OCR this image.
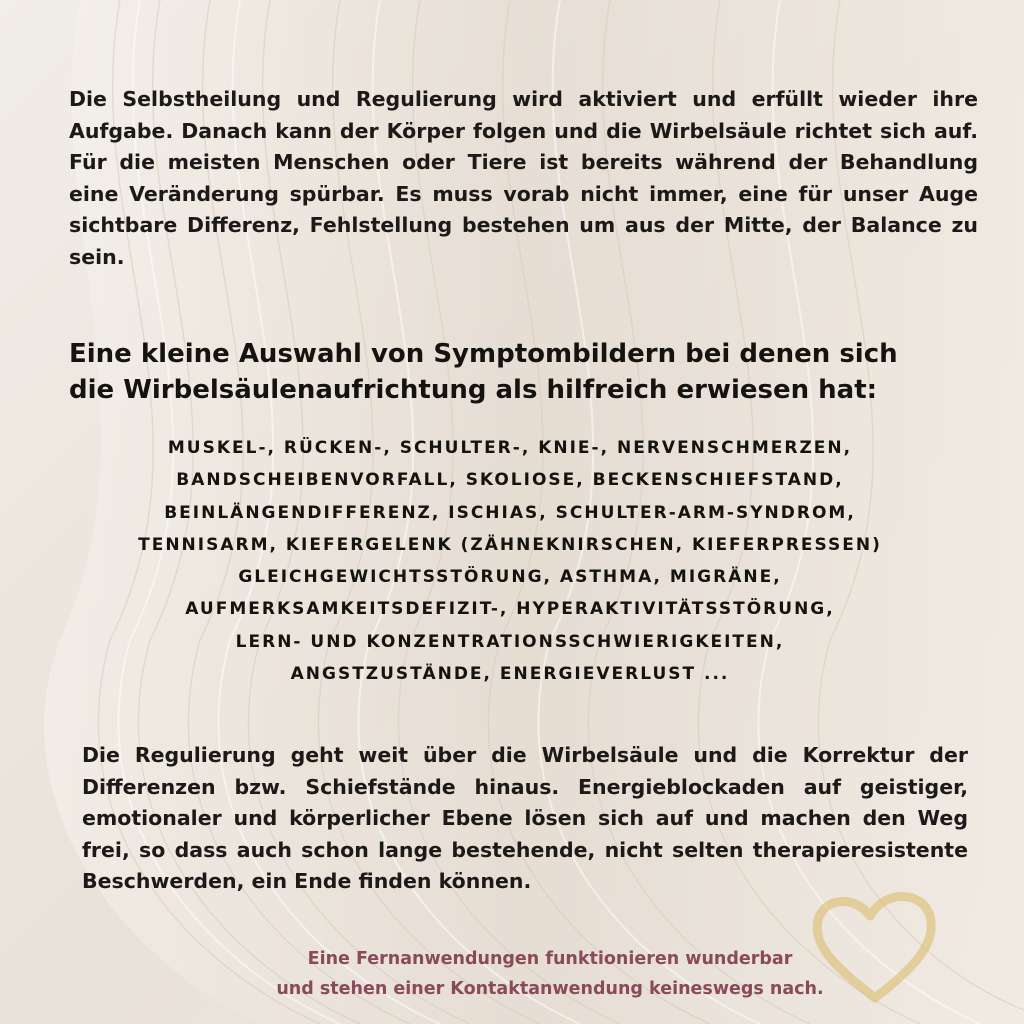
Die Selbstheilung und Regulierung wird aktiviert und erfüllt wieder ihre Aufgabe. Danach kann der Körper folgen und die Wirbelsäule richtet sich auf. Für die meisten Menschen oder Tiere ist bereits während der Behandlung eine Veränderung spürbar. Es muss vorab nicht immer, eine für unser Auge sichtbare Differenz, Fehlstellung bestehen um aus der Mitte, der Balance zu sein.

Eine kleine Auswahl von Symptombildern bei denen sich
die Wirbelsäulenaufrichtung als hilfreich erwiesen hat:
MUSKEL-, RÜCKEN-, SCHULTER-, KNIE-, NERVENSCHMERZEN,
BANDSCHEIBENVORFALL, SKOLIOSE, BECKENSCHIEFSTAND,
BEINLÄNGENDIFFERENZ, ISCHIAS, SCHULTER-ARM-SYNDROM,
TENNISARM, KIEFERGELENK (ZÄHNEKNIRSCHEN, KIEFERPRESSEN)
GLEICHGEWICHTSSTÖRUNG, ASTHMA, MIGRÄNE,
AUFMERKSAMKEITSDEFIZIT-, HYPERAKTIVITÄTSSTÖRUNG,
LERN- UND KONZENTRATIONSSCHWIERIGKEITEN,
ANGSTZUSTÄNDE, ENERGIEVERLUST ...

Die Regulierung geht weit über die Wirbelsäule und die Korrektur der Differenzen bzw. Schiefstände hinaus. Energieblockaden auf geistiger, emotionaler und körperlicher Ebene lösen sich auf und machen den Weg frei, so dass auch schon lange bestehende, nicht selten therapieresistente Beschwerden, ein Ende finden können.

Eine Fernanwendungen funktionieren wunderbar
und stehen einer Kontaktanwendung keineswegs nach.
